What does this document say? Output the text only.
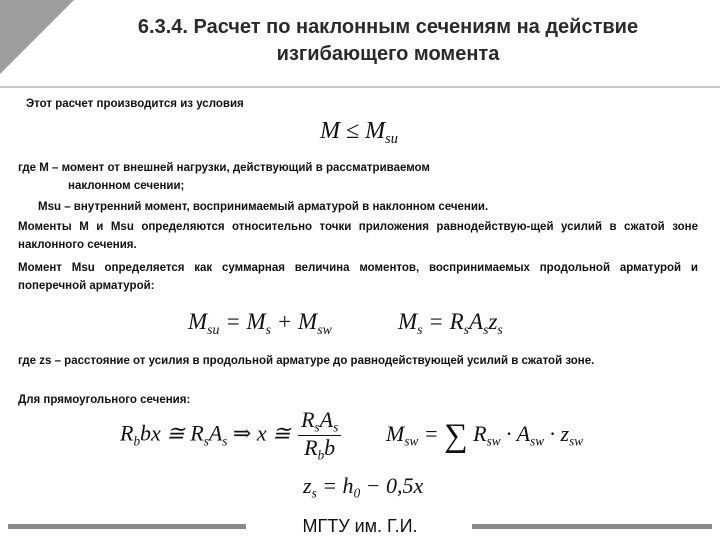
6.3.4. Расчет по наклонным сечениям на действие
изгибающего момента
Этот расчет производится из условия
$M \le M_{su}$
где М – момент от внешней нагрузки, действующий в рассматриваемом
наклонном сечении;
Мsu – внутренний момент, воспринимаемый арматурой в наклонном сечении.
Моменты М и Мsu определяются относительно точки приложения равнодействую-щей усилий в сжатой зоне наклонного сечения.
Момент Мsu определяется как суммарная величина моментов, воспринимаемых продольной арматурой и поперечной арматурой:
$M_{su} = M_s + M_{sw}$	$M_s = R_sA_sz_s$
где zs – расстояние от усилия в продольной арматуре до равнодействующей усилий в сжатой зоне.
Для прямоугольного сечения:
$R_bbx$ ≅ $R_sA_s$ ⇒ x ≅ $\frac{R_sA_s}{R_bb} M_{sw}$ = ∑ $R_{sw} \cdot A_{sw} \cdot z_{sw}$
$z_s = h_0 - 0,5x$
МГТУ им. Г.И.
